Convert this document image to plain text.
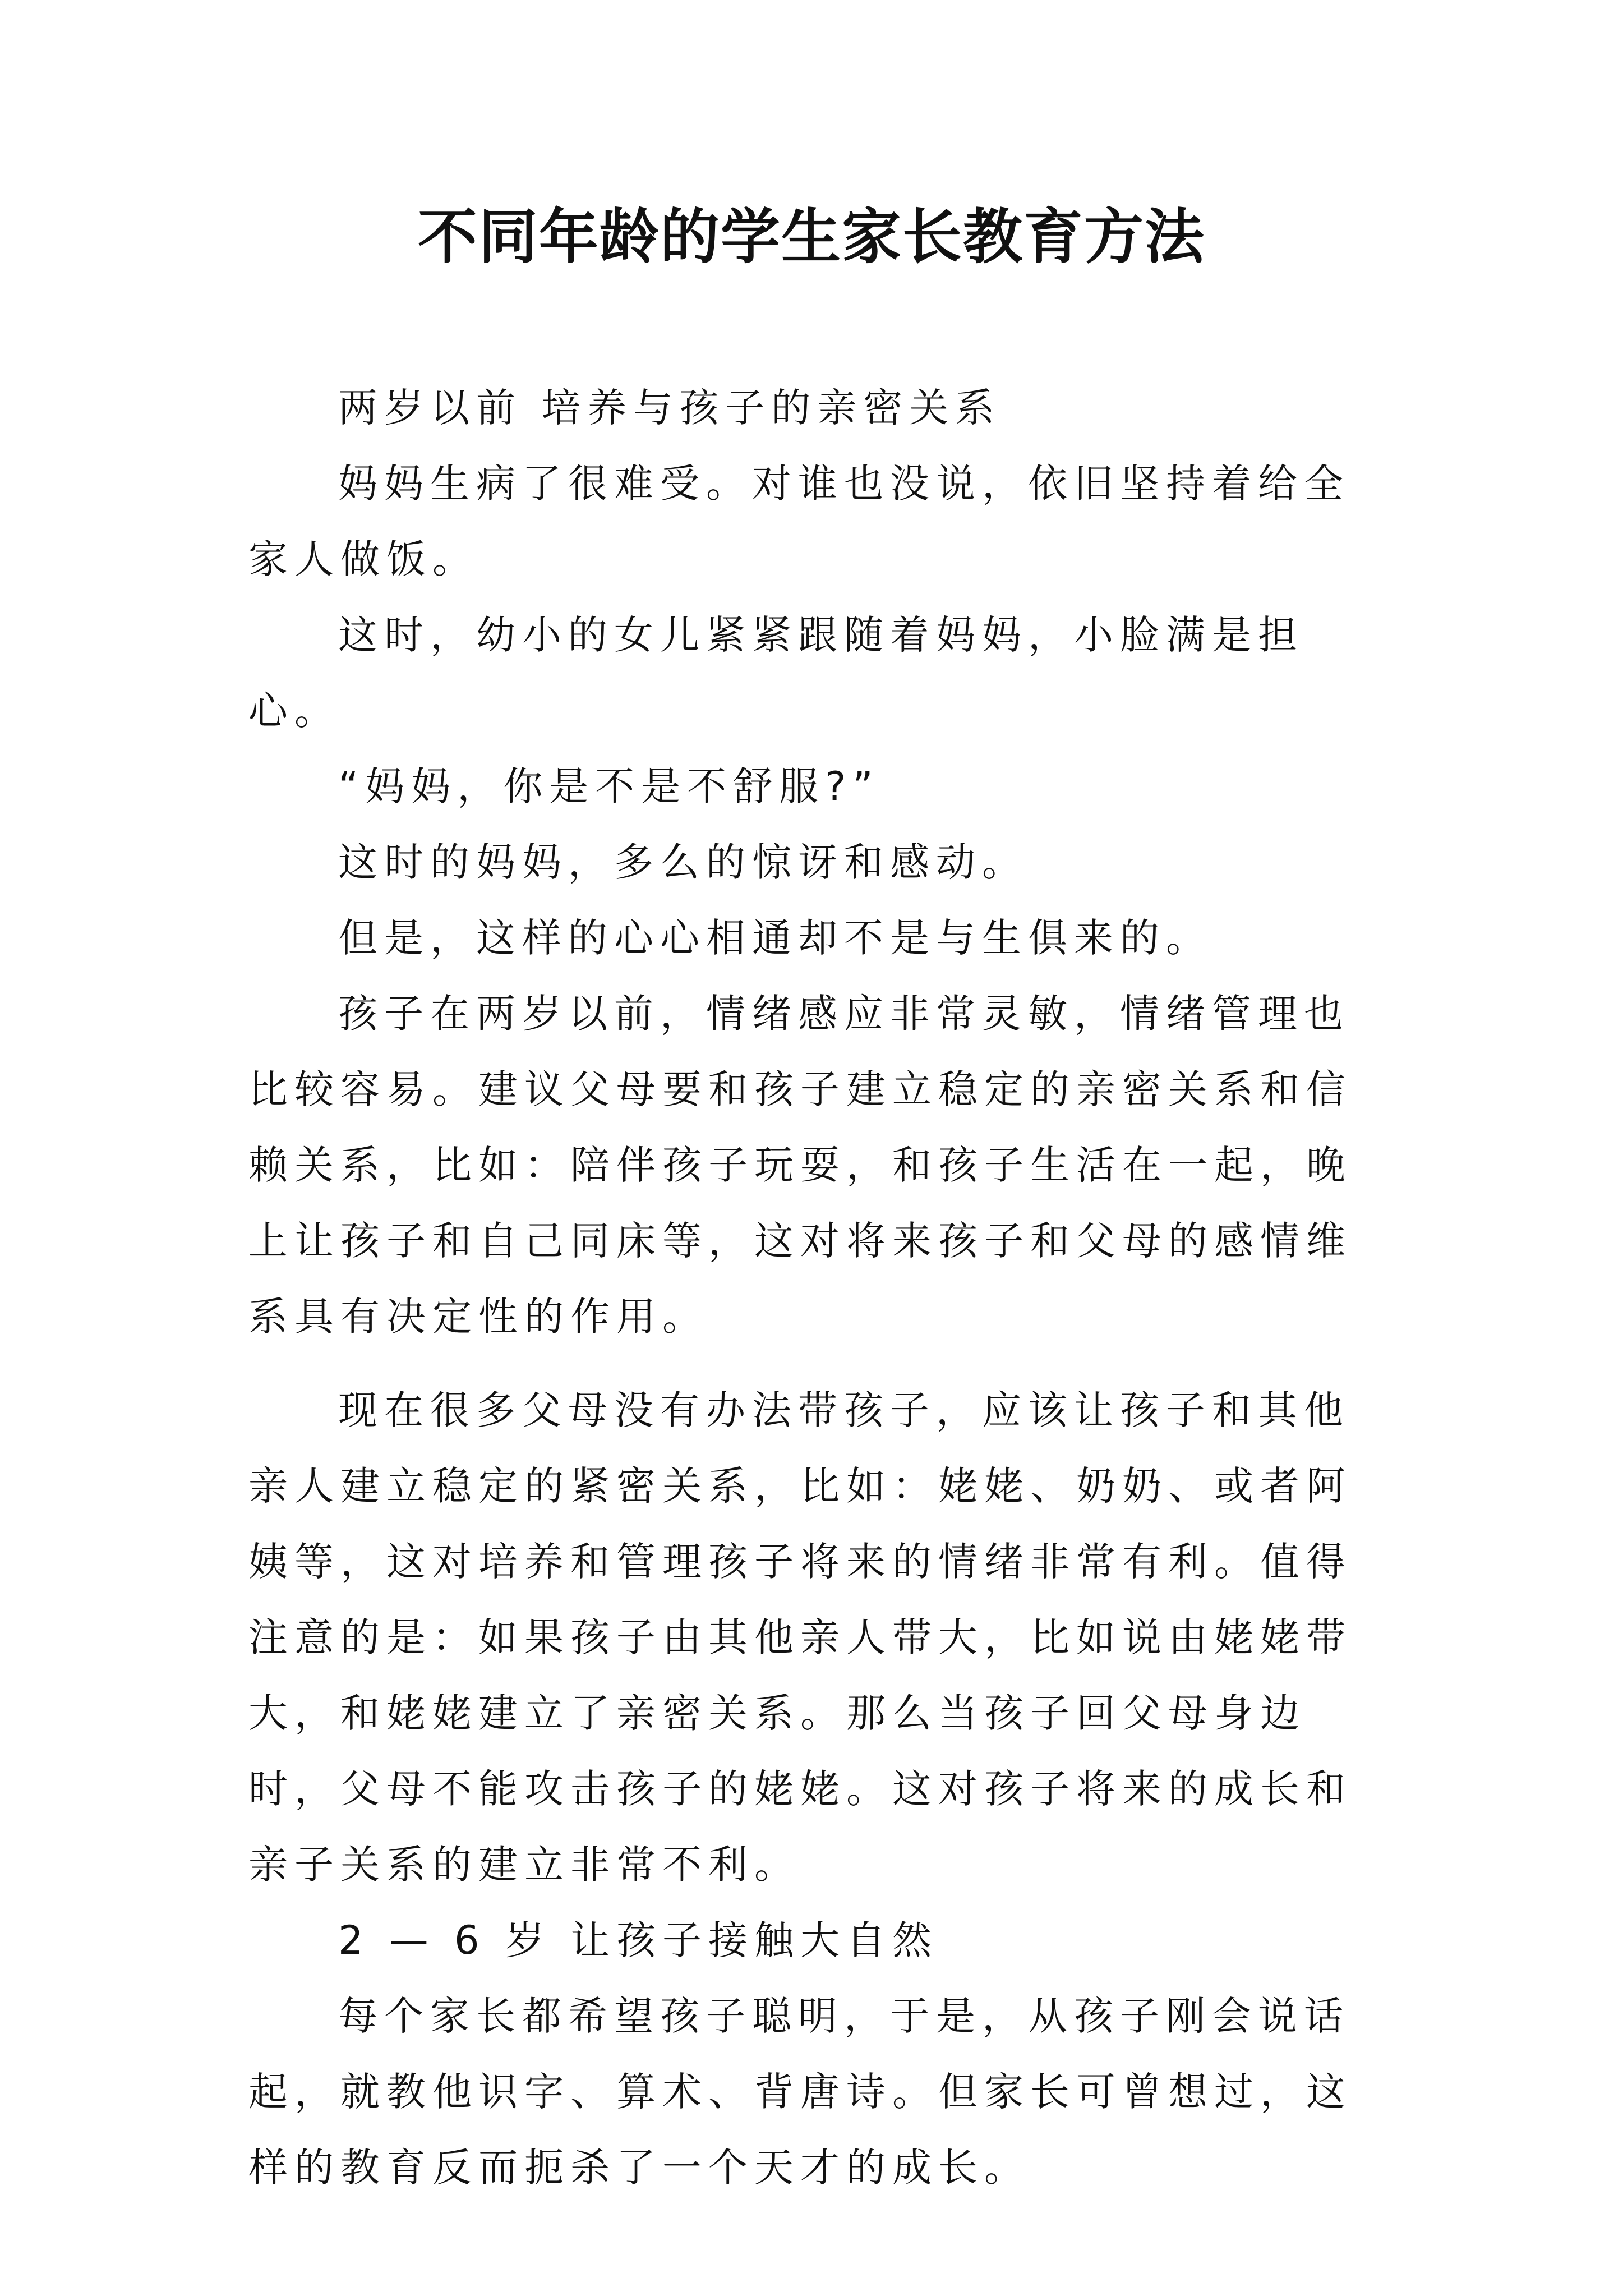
不同年龄的学生家长教育方法

两岁以前 培养与孩子的亲密关系

妈妈生病了很难受。对谁也没说，依旧坚持着给全家人做饭。

这时，幼小的女儿紧紧跟随着妈妈，小脸满是担心。

“妈妈，你是不是不舒服?”

这时的妈妈，多么的惊讶和感动。

但是，这样的心心相通却不是与生俱来的。

孩子在两岁以前，情绪感应非常灵敏，情绪管理也比较容易。建议父母要和孩子建立稳定的亲密关系和信赖关系，比如：陪伴孩子玩耍，和孩子生活在一起，晚上让孩子和自己同床等，这对将来孩子和父母的感情维系具有决定性的作用。

现在很多父母没有办法带孩子，应该让孩子和其他亲人建立稳定的紧密关系，比如：姥姥、奶奶、或者阿姨等，这对培养和管理孩子将来的情绪非常有利。值得注意的是：如果孩子由其他亲人带大，比如说由姥姥带大，和姥姥建立了亲密关系。那么当孩子回父母身边时，父母不能攻击孩子的姥姥。这对孩子将来的成长和亲子关系的建立非常不利。

2 — 6 岁 让孩子接触大自然

每个家长都希望孩子聪明，于是，从孩子刚会说话起，就教他识字、算术、背唐诗。但家长可曾想过，这样的教育反而扼杀了一个天才的成长。
